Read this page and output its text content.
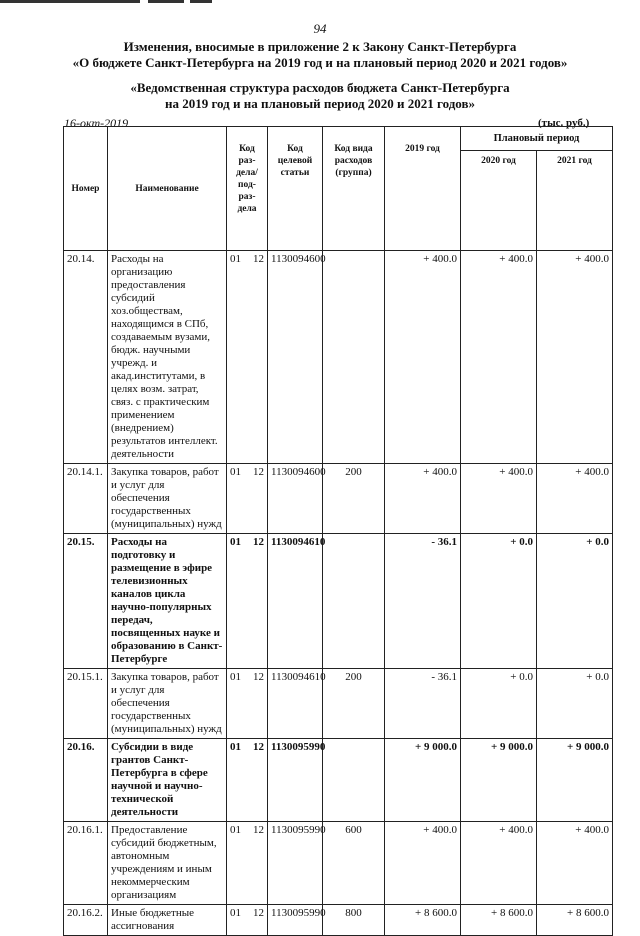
94
Изменения, вносимые в приложение 2 к Закону Санкт-Петербурга
«О бюджете Санкт-Петербурга на 2019 год и на плановый период 2020 и 2021 годов»
«Ведомственная структура расходов бюджета Санкт-Петербурга
на 2019 год и на плановый период 2020 и 2021 годов»
16-окт-2019	(тыс. руб.)
Номер	Наименование	Код раз- дела/ под- раз- дела	Код целевой статьи	Код вида расходов (группа)	2019 год	Плановый период	
						2020 год	2021 год
20.14.	Расходы на организацию предоставления субсидий хоз.обществам, находящимся в СПб, создаваемым вузами, бюдж. научными учрежд. и акад.институтами, в целях возм. затрат, связ. с практическим применением (внедрением) результатов интеллект. деятельности	01 12	1130094600		+ 400.0	+ 400.0	+ 400.0
20.14.1.	Закупка товаров, работ и услуг для обеспечения государственных (муниципальных) нужд	01 12	1130094600	200	+ 400.0	+ 400.0	+ 400.0
20.15.	Расходы на подготовку и размещение в эфире телевизионных каналов цикла научно-популярных передач, посвященных науке и образованию в Санкт-Петербурге	01 12	1130094610		- 36.1	+ 0.0	+ 0.0
20.15.1.	Закупка товаров, работ и услуг для обеспечения государственных (муниципальных) нужд	01 12	1130094610	200	- 36.1	+ 0.0	+ 0.0
20.16.	Субсидии в виде грантов Санкт-Петербурга в сфере научной и научно-технической деятельности	01 12	1130095990		+ 9 000.0	+ 9 000.0	+ 9 000.0
20.16.1.	Предоставление субсидий бюджетным, автономным учреждениям и иным некоммерческим организациям	01 12	1130095990	600	+ 400.0	+ 400.0	+ 400.0
20.16.2.	Иные бюджетные ассигнования	01 12	1130095990	800	+ 8 600.0	+ 8 600.0	+ 8 600.0
